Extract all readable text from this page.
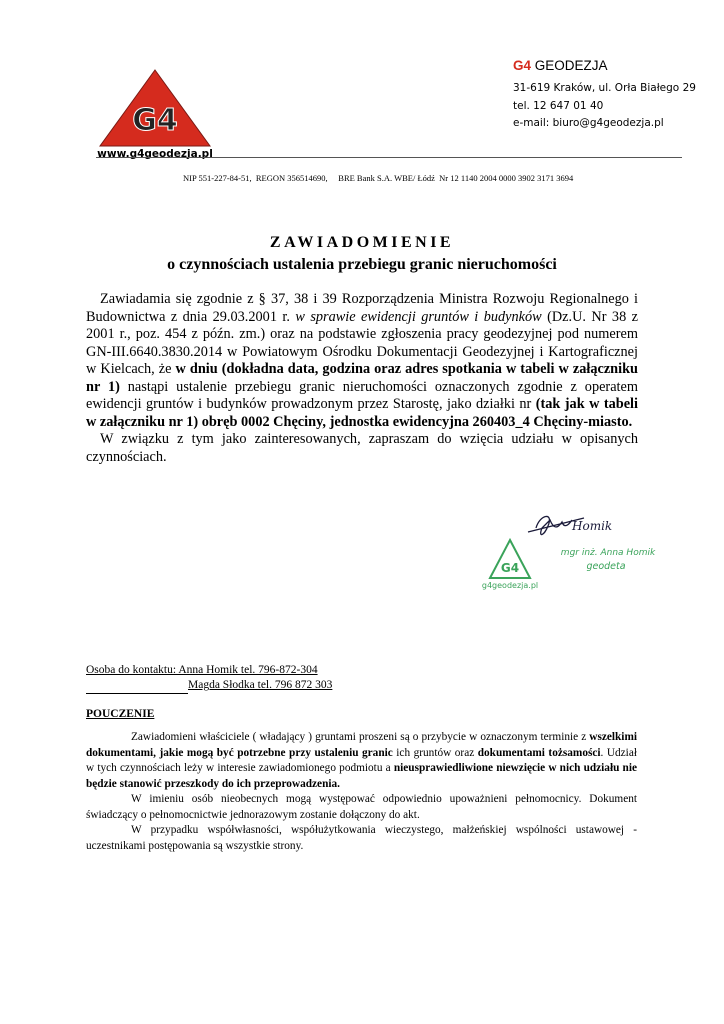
G4
www.g4geodezja.pl
G4 GEODEZJA
31-619 Kraków, ul. Orła Białego 29
tel. 12 647 01 40
e-mail: biuro@g4geodezja.pl
NIP 551-227-84-51,  REGON 356514690,     BRE Bank S.A. WBE/ Łódź  Nr 12 1140 2004 0000 3902 3171 3694
ZAWIADOMIENIE
o czynnościach ustalenia przebiegu granic nieruchomości

Zawiadamia się zgodnie z § 37, 38 i 39 Rozporządzenia Ministra Rozwoju Regionalnego i Budownictwa z dnia 29.03.2001 r. w sprawie ewidencji gruntów i budynków (Dz.U. Nr 38 z 2001 r., poz. 454 z późn. zm.) oraz na podstawie zgłoszenia pracy geodezyjnej pod numerem GN-III.6640.3830.2014 w Powiatowym Ośrodku Dokumentacji Geodezyjnej i Kartograficznej w Kielcach, że w dniu (dokładna data, godzina oraz adres spotkania w tabeli w załączniku nr 1) nastąpi ustalenie przebiegu granic nieruchomości oznaczonych zgodnie z operatem ewidencji gruntów i budynków prowadzonym przez Starostę, jako działki nr (tak jak w tabeli w załączniku nr 1) obręb 0002 Chęciny, jednostka ewidencyjna 260403_4 Chęciny-miasto.

W związku z tym jako zainteresowanych, zapraszam do wzięcia udziału w opisanych czynnościach.

Homik
G4
g4geodezja.pl
mgr inż. Anna Homik
geodeta
Osoba do kontaktu: Anna Homik tel. 796-872-304
Magda Słodka tel. 796 872 303
POUCZENIE

Zawiadomieni właściciele ( władający ) gruntami proszeni są o przybycie w oznaczonym terminie z wszelkimi dokumentami, jakie mogą być potrzebne przy ustaleniu granic ich gruntów oraz dokumentami tożsamości. Udział w tych czynnościach leży w interesie zawiadomionego podmiotu a nieusprawiedliwione niewzięcie w nich udziału nie będzie stanowić przeszkody do ich przeprowadzenia.

W imieniu osób nieobecnych mogą występować odpowiednio upoważnieni pełnomocnicy. Dokument świadczący o pełnomocnictwie jednorazowym zostanie dołączony do akt.

W przypadku współwłasności, współużytkowania wieczystego, małżeńskiej wspólności ustawowej - uczestnikami postępowania są wszystkie strony.
